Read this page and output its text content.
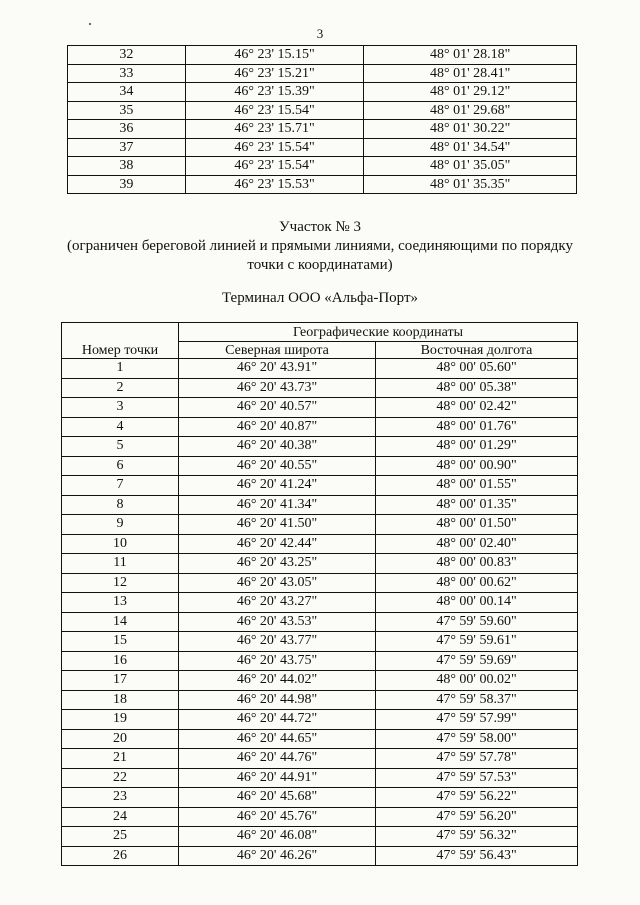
3
32	46° 23' 15.15"	48° 01' 28.18"
33	46° 23' 15.21"	48° 01' 28.41"
34	46° 23' 15.39"	48° 01' 29.12"
35	46° 23' 15.54"	48° 01' 29.68"
36	46° 23' 15.71"	48° 01' 30.22"
37	46° 23' 15.54"	48° 01' 34.54"
38	46° 23' 15.54"	48° 01' 35.05"
39	46° 23' 15.53"	48° 01' 35.35"
Участок № 3
(ограничен береговой линией и прямыми линиями, соединяющими по порядку
точки с координатами)
Терминал ООО «Альфа-Порт»
Номер точки	Географические координаты	
	Северная широта	Восточная долгота
1	46° 20' 43.91"	48° 00' 05.60"
2	46° 20' 43.73"	48° 00' 05.38"
3	46° 20' 40.57"	48° 00' 02.42"
4	46° 20' 40.87"	48° 00' 01.76"
5	46° 20' 40.38"	48° 00' 01.29"
6	46° 20' 40.55"	48° 00' 00.90"
7	46° 20' 41.24"	48° 00' 01.55"
8	46° 20' 41.34"	48° 00' 01.35"
9	46° 20' 41.50"	48° 00' 01.50"
10	46° 20' 42.44"	48° 00' 02.40"
11	46° 20' 43.25"	48° 00' 00.83"
12	46° 20' 43.05"	48° 00' 00.62"
13	46° 20' 43.27"	48° 00' 00.14"
14	46° 20' 43.53"	47° 59' 59.60"
15	46° 20' 43.77"	47° 59' 59.61"
16	46° 20' 43.75"	47° 59' 59.69"
17	46° 20' 44.02"	48° 00' 00.02"
18	46° 20' 44.98"	47° 59' 58.37"
19	46° 20' 44.72"	47° 59' 57.99"
20	46° 20' 44.65"	47° 59' 58.00"
21	46° 20' 44.76"	47° 59' 57.78"
22	46° 20' 44.91"	47° 59' 57.53"
23	46° 20' 45.68"	47° 59' 56.22"
24	46° 20' 45.76"	47° 59' 56.20"
25	46° 20' 46.08"	47° 59' 56.32"
26	46° 20' 46.26"	47° 59' 56.43"
